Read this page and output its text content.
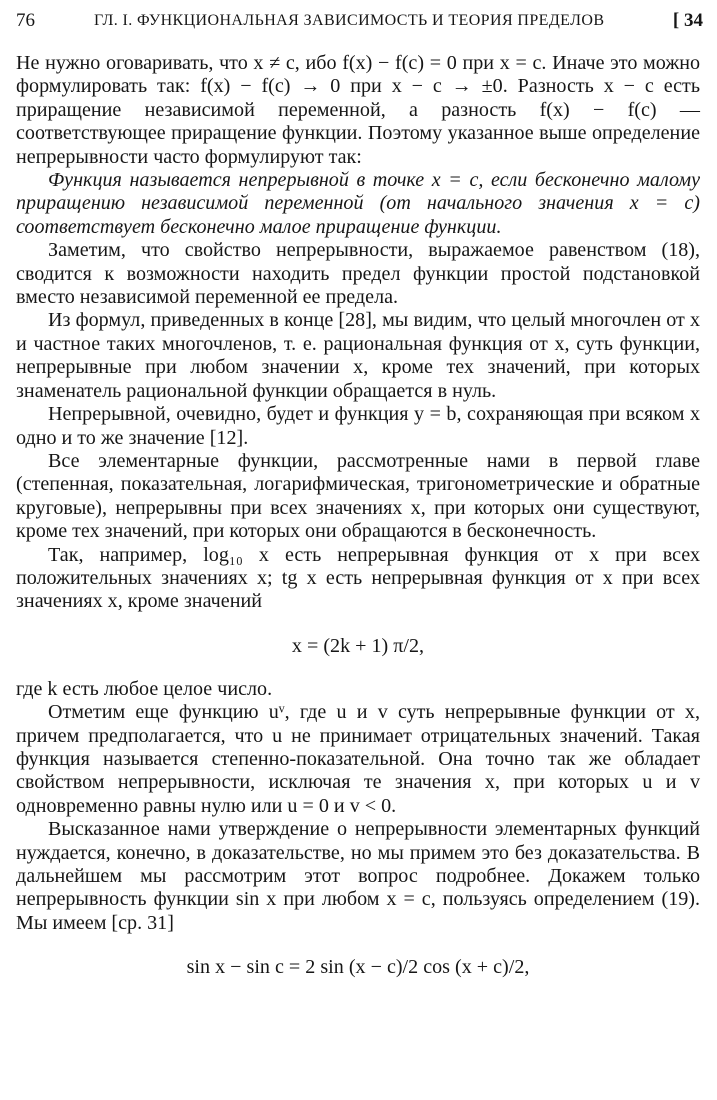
76	ГЛ. I. ФУНКЦИОНАЛЬНАЯ ЗАВИСИМОСТЬ И ТЕОРИЯ ПРЕДЕЛОВ	[ 34

Не нужно оговаривать, что x ≠ c, ибо f(x) − f(c) = 0 при x = c. Иначе это можно формулировать так: f(x) − f(c) → 0 при x − c → ±0. Разность x − c есть приращение независимой переменной, а разность f(x) − f(c) — соответствующее приращение функции. Поэтому указанное выше определение непрерывности часто формулируют так:

Функция называется непрерывной в точке x = c, если бесконечно малому приращению независимой переменной (от начального значения x = c) соответствует бесконечно малое приращение функции.

Заметим, что свойство непрерывности, выражаемое равенством (18), сводится к возможности находить предел функции простой подстановкой вместо независимой переменной ее предела.

Из формул, приведенных в конце [28], мы видим, что целый многочлен от x и частное таких многочленов, т. е. рациональная функция от x, суть функции, непрерывные при любом значении x, кроме тех значений, при которых знаменатель рациональной функции обращается в нуль.

Непрерывной, очевидно, будет и функция y = b, сохраняющая при всяком x одно и то же значение [12].

Все элементарные функции, рассмотренные нами в первой главе (степенная, показательная, логарифмическая, тригонометрические и обратные круговые), непрерывны при всех значениях x, при которых они существуют, кроме тех значений, при которых они обращаются в бесконечность.

Так, например, log₁₀ x есть непрерывная функция от x при всех положительных значениях x; tg x есть непрерывная функция от x при всех значениях x, кроме значений

x = (2k + 1) π/2,

где k есть любое целое число.

Отметим еще функцию uᵛ, где u и v суть непрерывные функции от x, причем предполагается, что u не принимает отрицательных значений. Такая функция называется степенно-показательной. Она точно так же обладает свойством непрерывности, исключая те значения x, при которых u и v одновременно равны нулю или u = 0 и v < 0.

Высказанное нами утверждение о непрерывности элементарных функций нуждается, конечно, в доказательстве, но мы примем это без доказательства. В дальнейшем мы рассмотрим этот вопрос подробнее. Докажем только непрерывность функции sin x при любом x = c, пользуясь определением (19). Мы имеем [ср. 31]

sin x − sin c = 2 sin (x − c)/2 cos (x + c)/2,
